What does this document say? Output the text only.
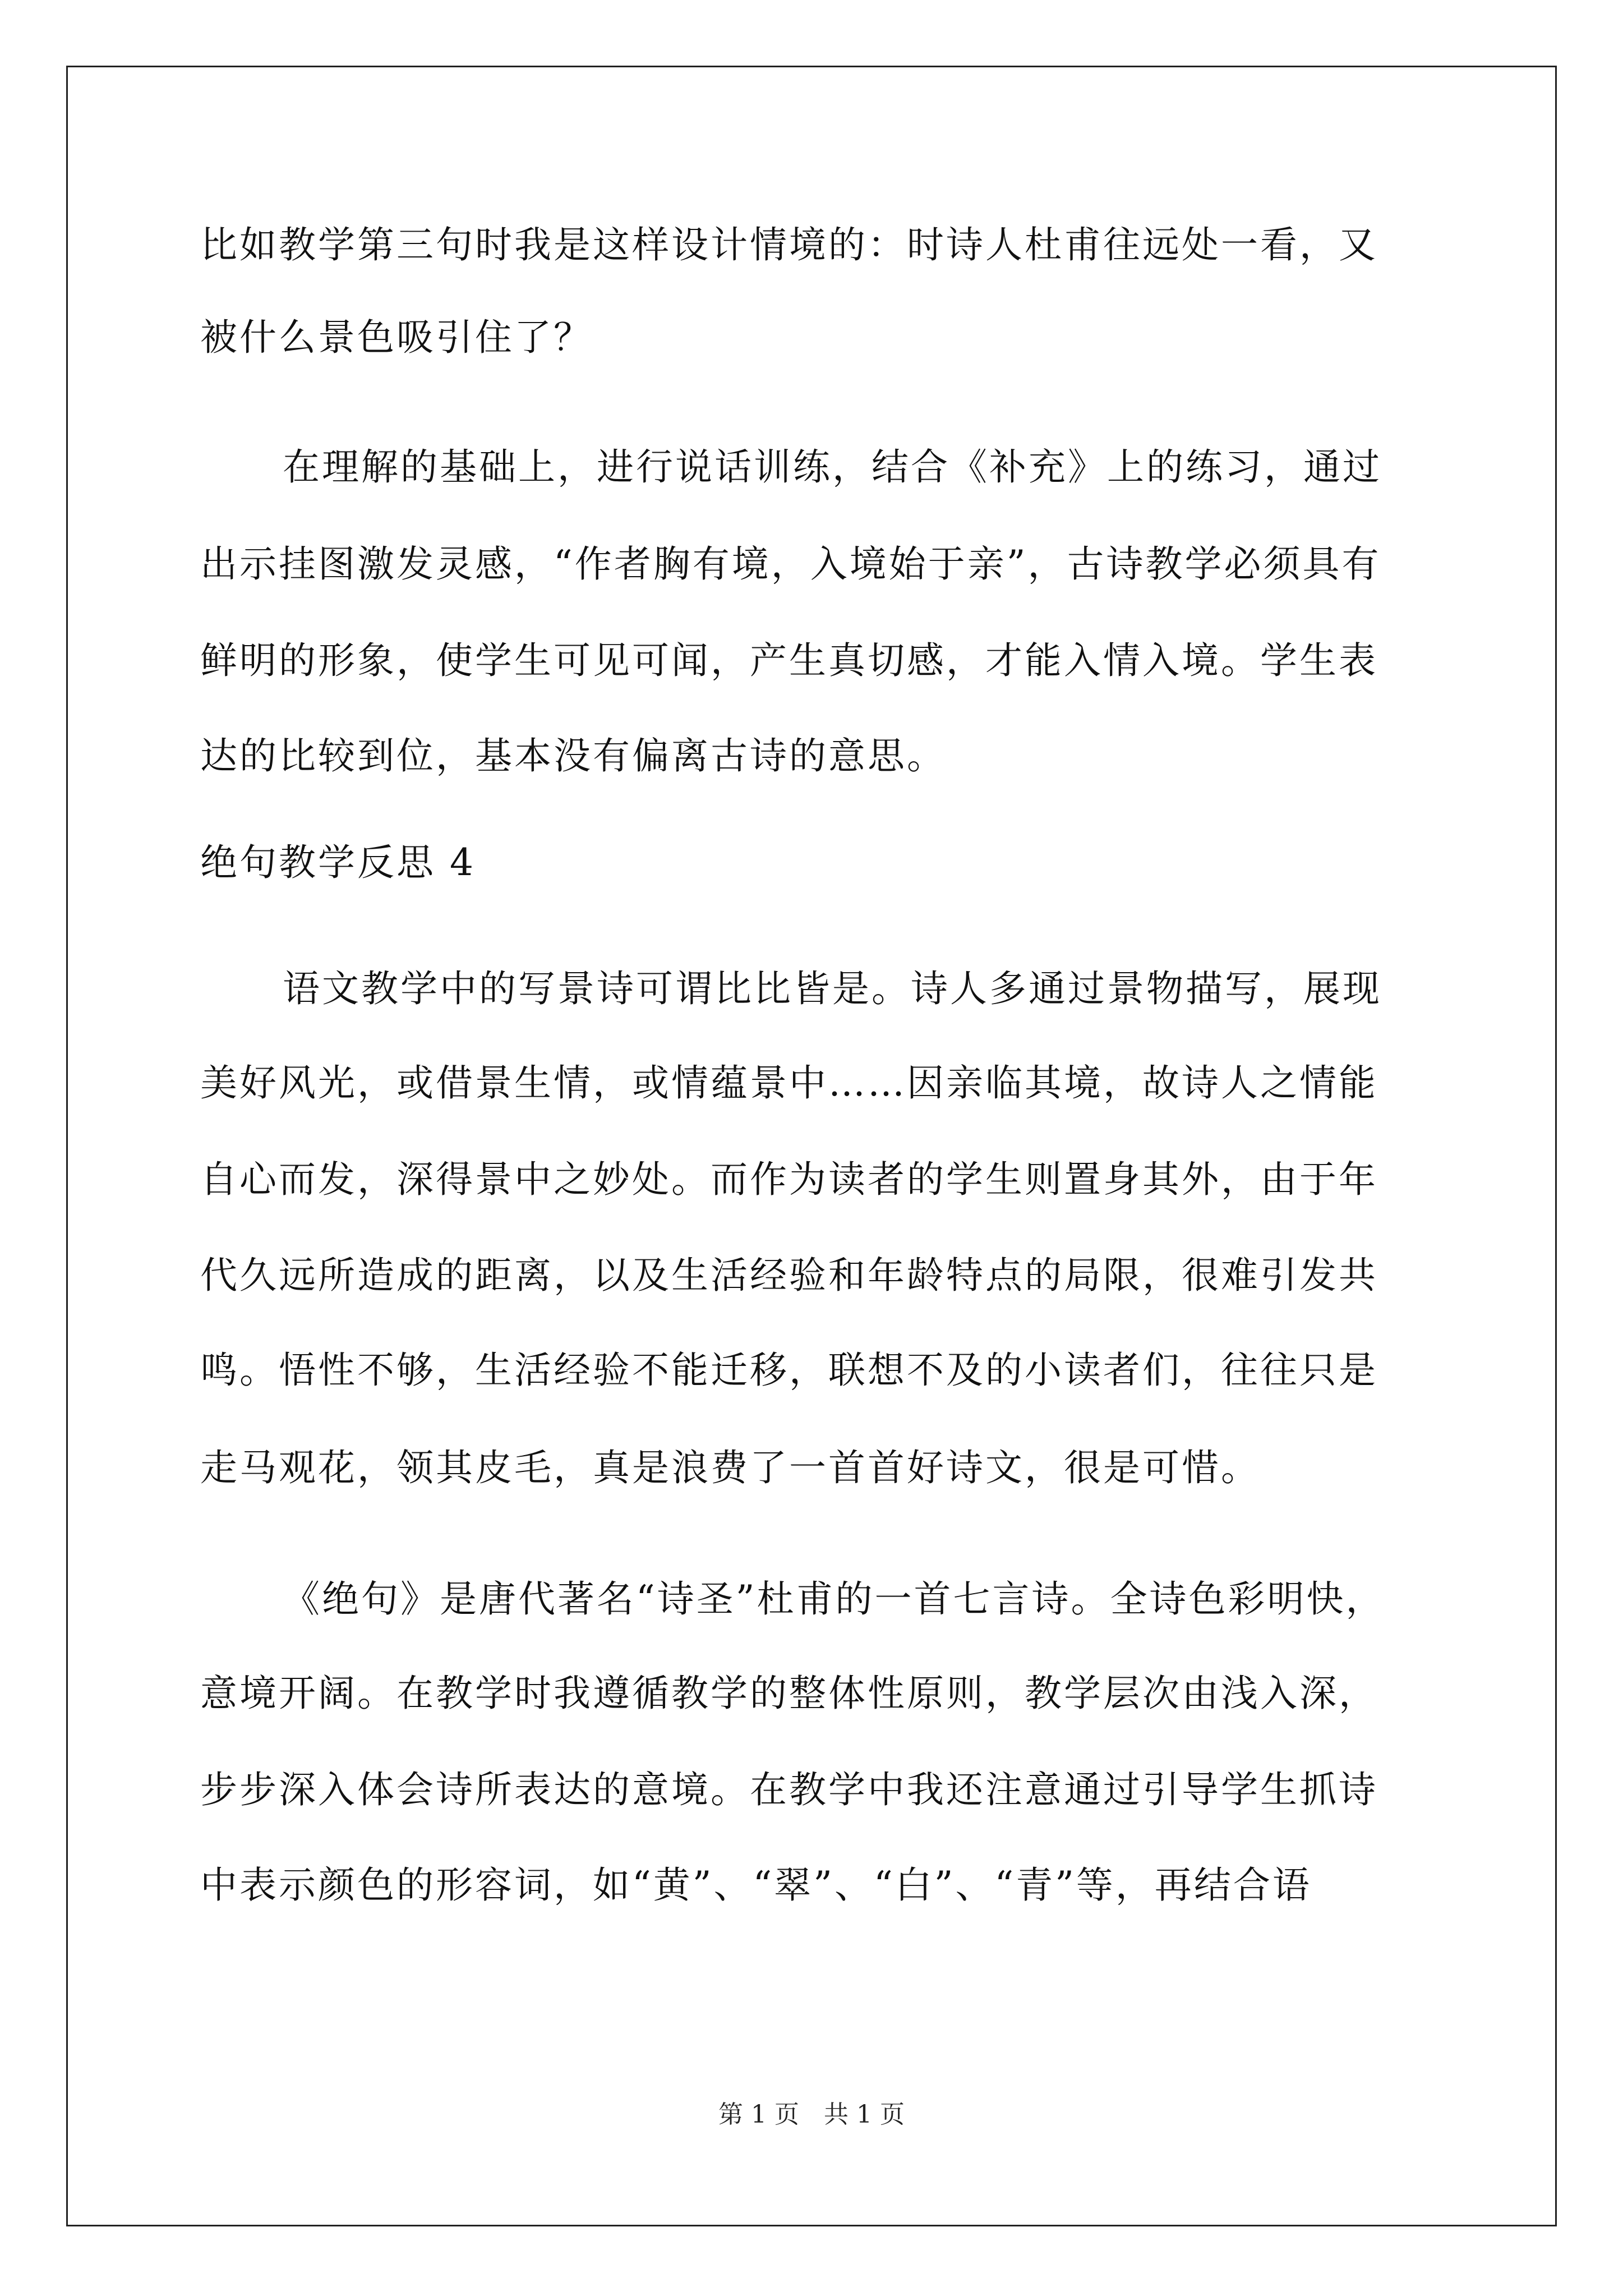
比如教学第三句时我是这样设计情境的：时诗人杜甫往远处一看，又
被什么景色吸引住了？
在理解的基础上，进行说话训练，结合《补充》上的练习，通过
出示挂图激发灵感，“作者胸有境，入境始于亲”，古诗教学必须具有
鲜明的形象，使学生可见可闻，产生真切感，才能入情入境。学生表
达的比较到位，基本没有偏离古诗的意思。
绝句教学反思 4
语文教学中的写景诗可谓比比皆是。诗人多通过景物描写，展现
美好风光，或借景生情，或情蕴景中……因亲临其境，故诗人之情能
自心而发，深得景中之妙处。而作为读者的学生则置身其外，由于年
代久远所造成的距离，以及生活经验和年龄特点的局限，很难引发共
鸣。悟性不够，生活经验不能迁移，联想不及的小读者们，往往只是
走马观花，领其皮毛，真是浪费了一首首好诗文，很是可惜。
《绝句》是唐代著名“诗圣”杜甫的一首七言诗。全诗色彩明快，
意境开阔。在教学时我遵循教学的整体性原则，教学层次由浅入深，
步步深入体会诗所表达的意境。在教学中我还注意通过引导学生抓诗
中表示颜色的形容词，如“黄”、“翠”、“白”、“青”等，再结合语
第 1 页 共 1 页
